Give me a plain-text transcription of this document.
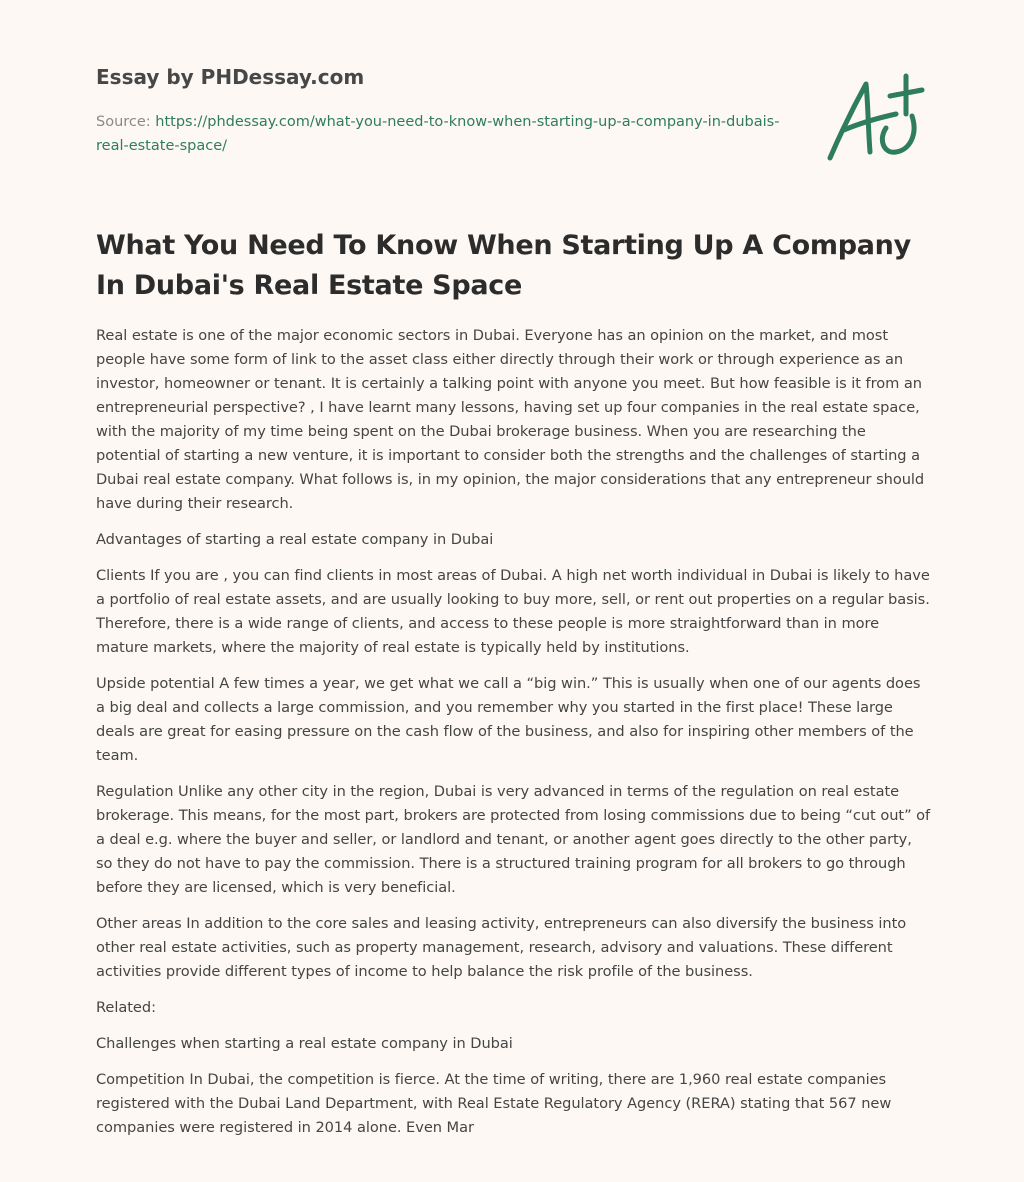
Essay by PHDessay.com
Source: https://phdessay.com/what-you-need-to-know-when-starting-up-a-company-in-dubais-real-estate-space/
What You Need To Know When Starting Up A Company In Dubai's Real Estate Space

Real estate is one of the major economic sectors in Dubai. Everyone has an opinion on the market, and most people have some form of link to the asset class either directly through their work or through experience as an investor, homeowner or tenant. It is certainly a talking point with anyone you meet. But how feasible is it from an entrepreneurial perspective? , I have learnt many lessons, having set up four companies in the real estate space, with the majority of my time being spent on the Dubai brokerage business. When you are researching the potential of starting a new venture, it is important to consider both the strengths and the challenges of starting a Dubai real estate company. What follows is, in my opinion, the major considerations that any entrepreneur should have during their research.

Advantages of starting a real estate company in Dubai

Clients If you are , you can find clients in most areas of Dubai. A high net worth individual in Dubai is likely to have a portfolio of real estate assets, and are usually looking to buy more, sell, or rent out properties on a regular basis. Therefore, there is a wide range of clients, and access to these people is more straightforward than in more mature markets, where the majority of real estate is typically held by institutions.

Upside potential A few times a year, we get what we call a “big win.” This is usually when one of our agents does a big deal and collects a large commission, and you remember why you started in the first place! These large deals are great for easing pressure on the cash flow of the business, and also for inspiring other members of the team.

Regulation Unlike any other city in the region, Dubai is very advanced in terms of the regulation on real estate brokerage. This means, for the most part, brokers are protected from losing commissions due to being “cut out” of a deal e.g. where the buyer and seller, or landlord and tenant, or another agent goes directly to the other party, so they do not have to pay the commission. There is a structured training program for all brokers to go through before they are licensed, which is very beneficial.

Other areas In addition to the core sales and leasing activity, entrepreneurs can also diversify the business into other real estate activities, such as property management, research, advisory and valuations. These different activities provide different types of income to help balance the risk profile of the business.

Related:

Challenges when starting a real estate company in Dubai

Competition In Dubai, the competition is fierce. At the time of writing, there are 1,960 real estate companies registered with the Dubai Land Department, with Real Estate Regulatory Agency (RERA) stating that 567 new companies were registered in 2014 alone. Even Mar
